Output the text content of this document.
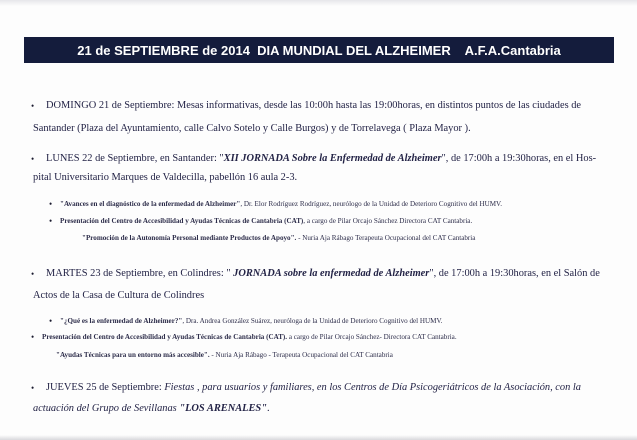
21 de SEPTIEMBRE de 2014  DIA MUNDIAL DEL ALZHEIMER    A.F.A.Cantabria
• DOMINGO 21 de Septiembre: Mesas informativas, desde las 10:00h hasta las 19:00horas, en distintos puntos de las ciudades de
Santander (Plaza del Ayuntamiento, calle Calvo Sotelo y Calle Burgos) y de Torrelavega ( Plaza Mayor ).
• LUNES 22 de Septiembre, en Santander: "XII JORNADA Sobre la Enfermedad de Alzheimer", de 17:00h a 19:30horas, en el Hos-
pital Universitario Marques de Valdecilla, pabellón 16 aula 2-3.
• "Avances en el diagnóstico de la enfermedad de Alzheimer", Dr. Elor Rodríguez Rodríguez, neurólogo de la Unidad de Deterioro Cognitivo del HUMV.
• Presentación del Centro de Accesibilidad y Ayudas Técnicas de Cantabria (CAT), a cargo de Pilar Orcajo Sánchez Directora CAT Cantabria.
"Promoción de la Autonomía Personal mediante Productos de Apoyo". - Nuria Aja Rábago Terapeuta Ocupacional del CAT Cantabria
• MARTES 23 de Septiembre, en Colindres: " JORNADA sobre la enfermedad de Alzheimer", de 17:00h a 19:30horas, en el Salón de
Actos de la Casa de Cultura de Colindres
• "¿Qué es la enfermedad de Alzheimer?", Dra. Andrea González Suárez, neuróloga de la Unidad de Deterioro Cognitivo del HUMV.
• Presentación del Centro de Accesibilidad y Ayudas Técnicas de Cantabria (CAT). a cargo de Pilar Orcajo Sánchez- Directora CAT Cantabria.
"Ayudas Técnicas para un entorno más accesible". - Nuria Aja Rábago - Terapeuta Ocupacional del CAT Cantabria
• JUEVES 25 de Septiembre: Fiestas , para usuarios y familiares, en los Centros de Día Psicogeriátricos de la Asociación, con la
actuación del Grupo de Sevillanas "LOS ARENALES".
